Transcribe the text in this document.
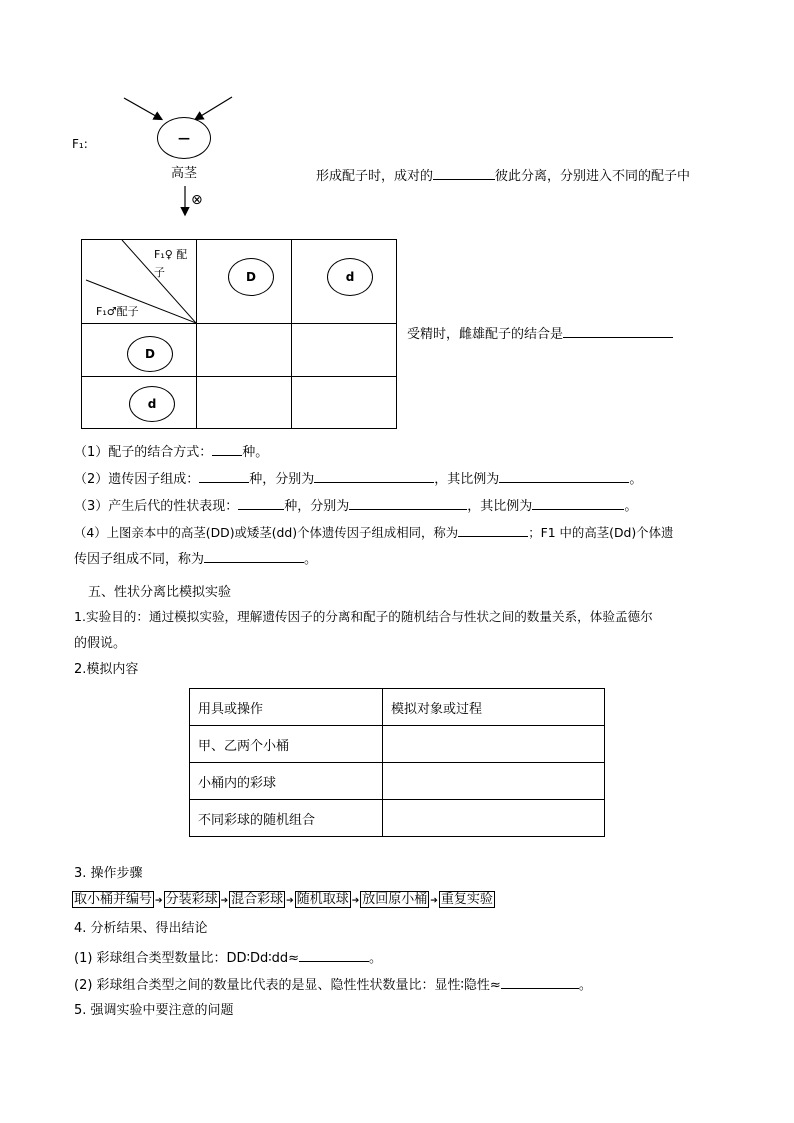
F₁:	—
高茎
⊗
形成配子时，成对的	彼此分离，分别进入不同的配子中
F₁♀ 配
子
F₁♂配子	D	d

D		

d		

受精时，雌雄配子的结合是
（1）配子的结合方式： 种。
（2）遗传因子组成：	种，分别为	，其比例为	。
（3）产生后代的性状表现：	种，分别为	，其比例为	。
（4）上图亲本中的高茎(DD)或矮茎(dd)个体遗传因子组成相同，称为	；F1 中的高茎(Dd)个体遗
传因子组成不同，称为	。
五、性状分离比模拟实验
1.实验目的：通过模拟实验，理解遗传因子的分离和配子的随机结合与性状之间的数量关系，体验孟德尔
的假说。
2.模拟内容
用具或操作	模拟对象或过程
甲、乙两个小桶	
小桶内的彩球	
不同彩球的随机组合	
3. 操作步骤
取小桶并编号 ➔ 分装彩球 ➔ 混合彩球 ➔ 随机取球 ➔ 放回原小桶 ➔ 重复实验
4. 分析结果、得出结论
(1) 彩球组合类型数量比：DD∶Dd∶dd≈	。
(2) 彩球组合类型之间的数量比代表的是显、隐性性状数量比：显性∶隐性≈	。
5. 强调实验中要注意的问题
